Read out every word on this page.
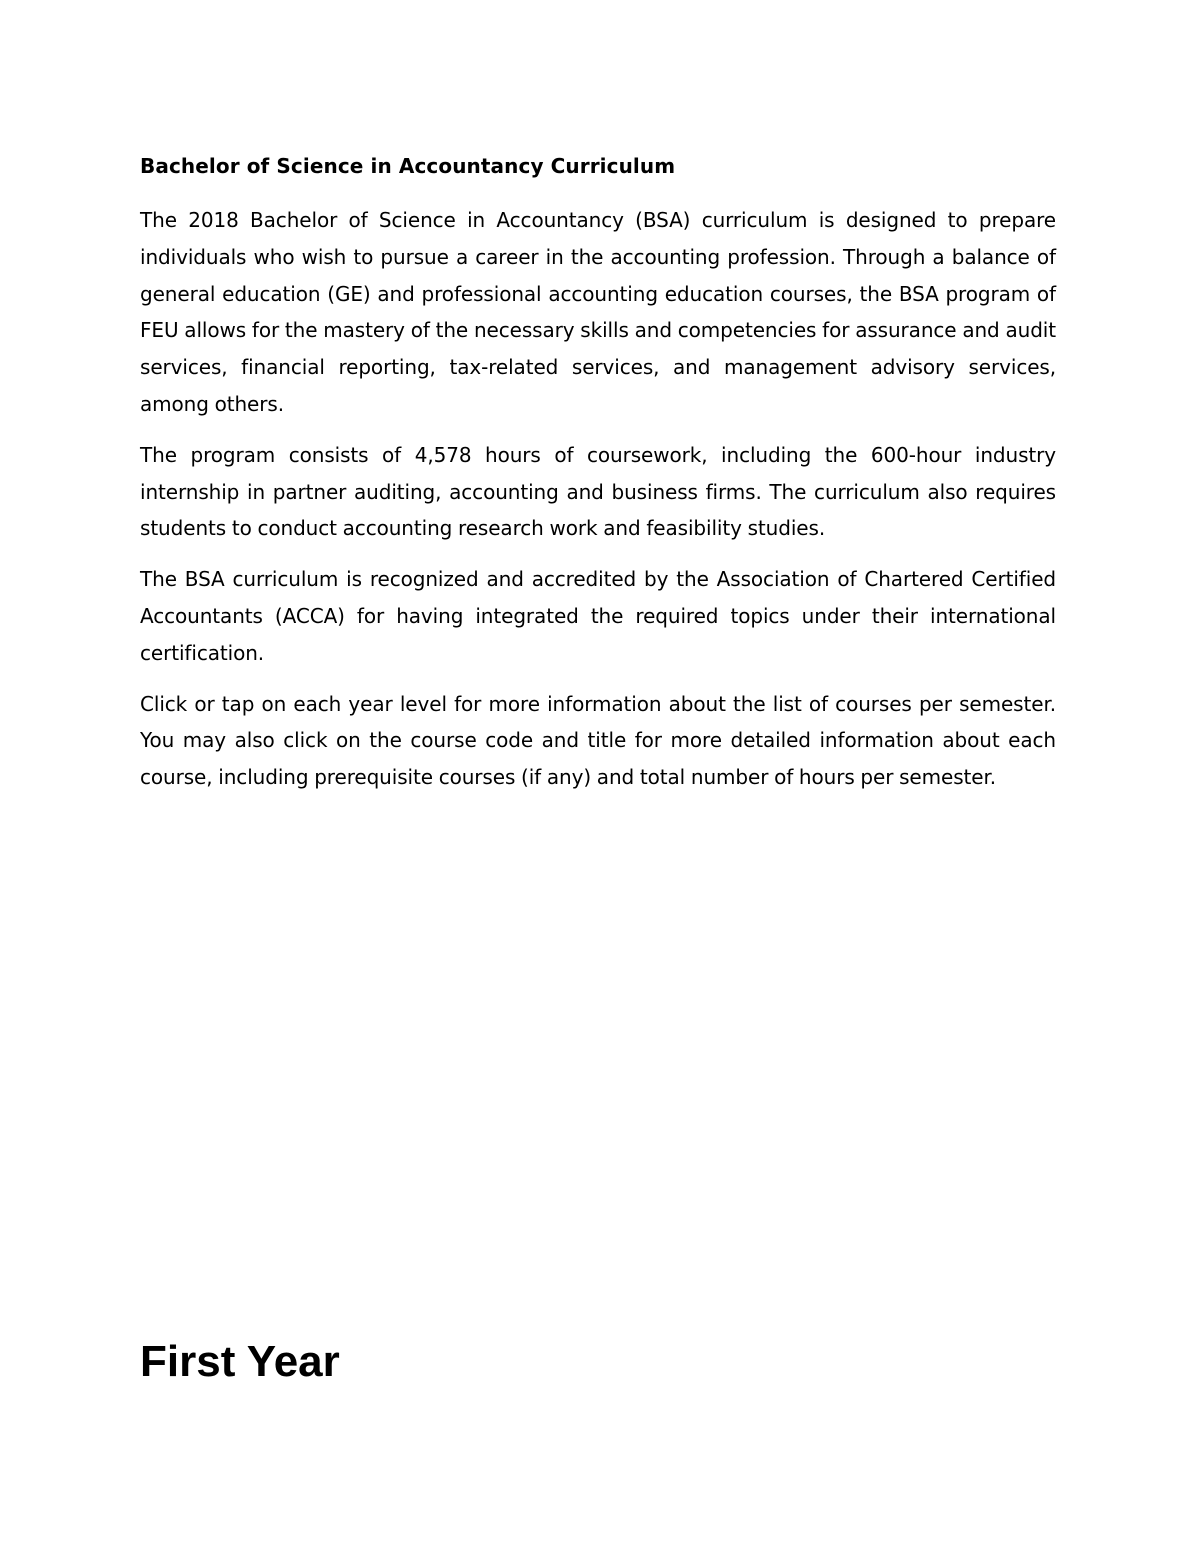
Bachelor of Science in Accountancy Curriculum

The 2018 Bachelor of Science in Accountancy (BSA) curriculum is designed to prepare individuals who wish to pursue a career in the accounting profession. Through a balance of general education (GE) and professional accounting education courses, the BSA program of FEU allows for the mastery of the necessary skills and competencies for assurance and audit services, financial reporting, tax-related services, and management advisory services, among others.

The program consists of 4,578 hours of coursework, including the 600-hour industry internship in partner auditing, accounting and business firms. The curriculum also requires students to conduct accounting research work and feasibility studies.

The BSA curriculum is recognized and accredited by the Association of Chartered Certified Accountants (ACCA) for having integrated the required topics under their international certification.

Click or tap on each year level for more information about the list of courses per semester. You may also click on the course code and title for more detailed information about each course, including prerequisite courses (if any) and total number of hours per semester.

First Year
